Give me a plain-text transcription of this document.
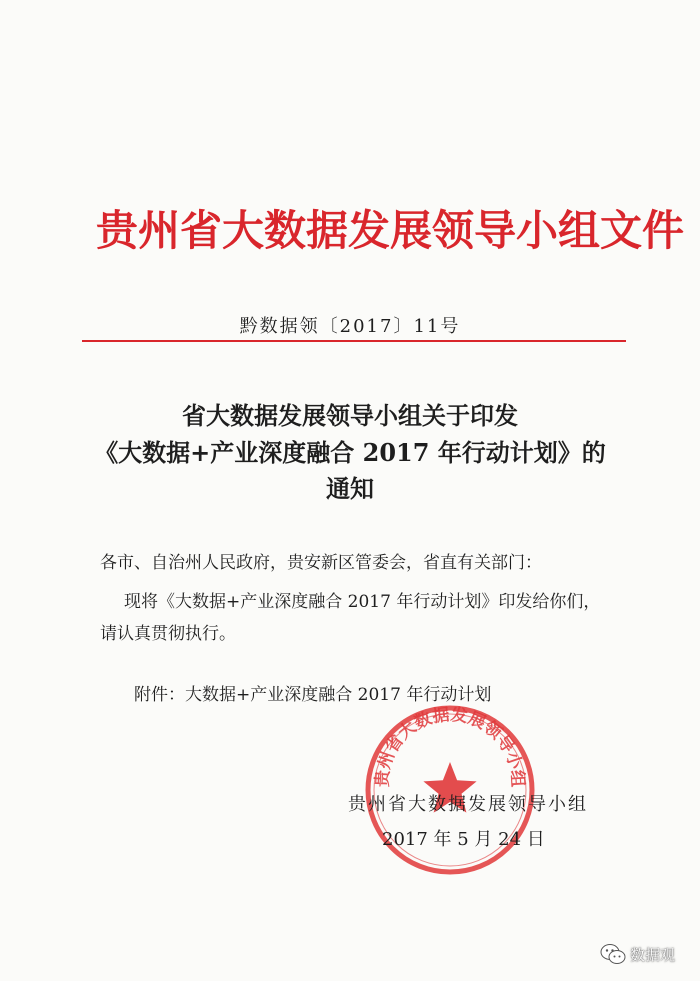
贵州省大数据发展领导小组文件
黔数据领〔2017〕11号
省大数据发展领导小组关于印发
《大数据+产业深度融合 2017 年行动计划》的
通知
各市、自治州人民政府，贵安新区管委会，省直有关部门：
现将《大数据+产业深度融合 2017 年行动计划》印发给你们，
请认真贯彻执行。
附件：大数据+产业深度融合 2017 年行动计划
贵州省大数据发展领导小组
贵州省大数据发展领导小组
2017 年 5 月 24 日
数据观
